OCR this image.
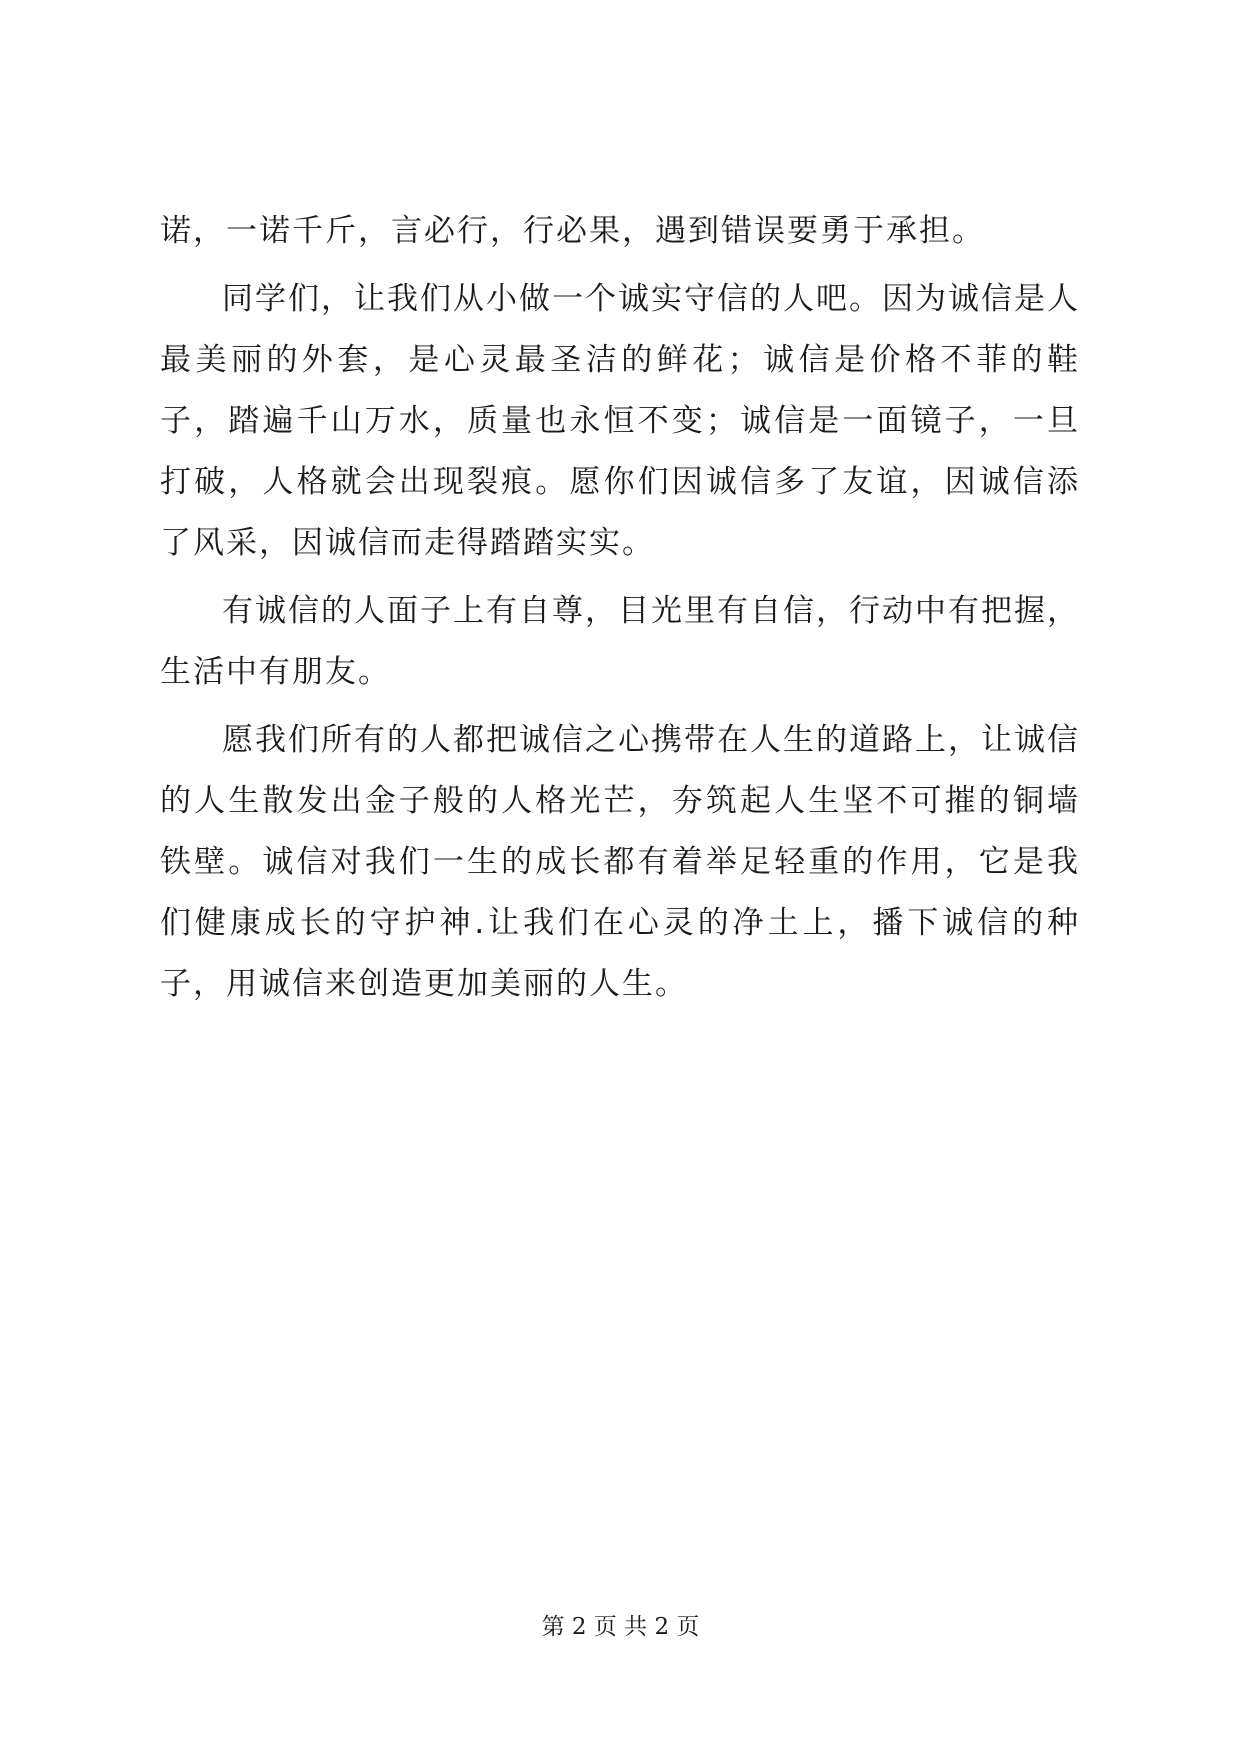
诺，一诺千斤，言必行，行必果，遇到错误要勇于承担。

同学们，让我们从小做一个诚实守信的人吧。因为诚信是人最美丽的外套，是心灵最圣洁的鲜花；诚信是价格不菲的鞋子，踏遍千山万水，质量也永恒不变；诚信是一面镜子，一旦打破，人格就会出现裂痕。愿你们因诚信多了友谊，因诚信添了风采，因诚信而走得踏踏实实。

有诚信的人面子上有自尊，目光里有自信，行动中有把握，生活中有朋友。

愿我们所有的人都把诚信之心携带在人生的道路上，让诚信的人生散发出金子般的人格光芒，夯筑起人生坚不可摧的铜墙铁壁。诚信对我们一生的成长都有着举足轻重的作用，它是我们健康成长的守护神.让我们在心灵的净土上，播下诚信的种子，用诚信来创造更加美丽的人生。

第 2 页 共 2 页
